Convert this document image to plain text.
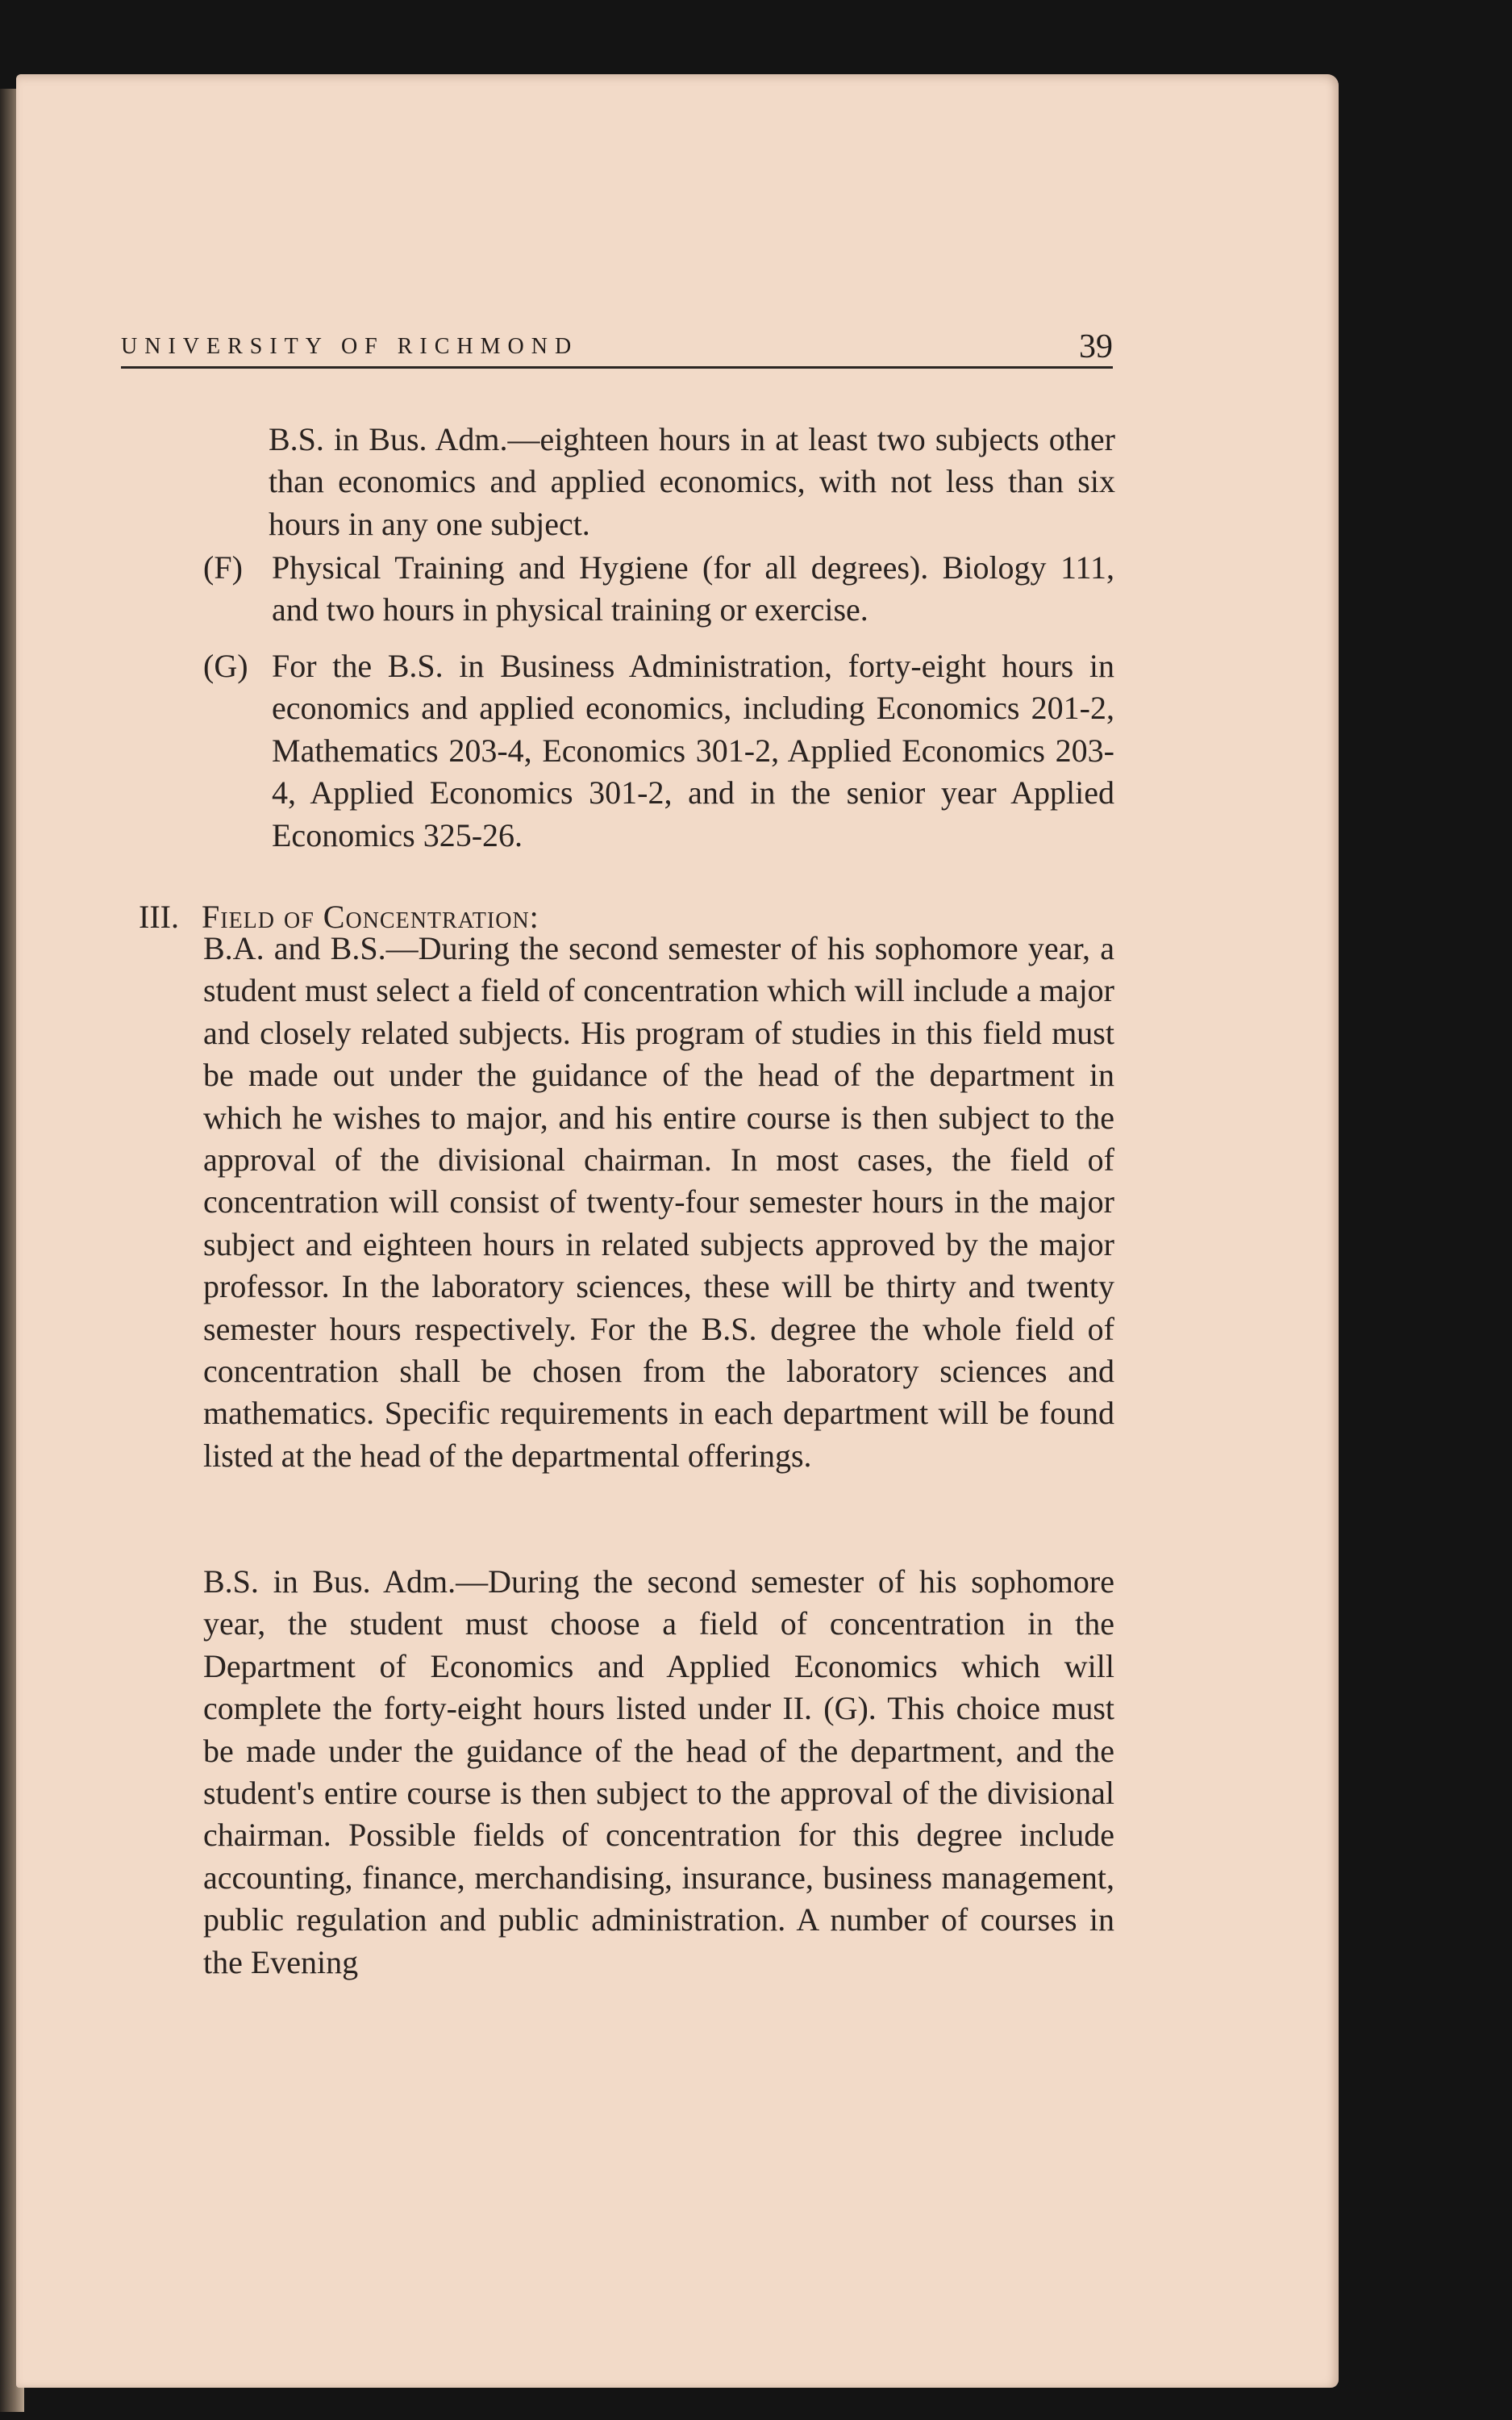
UNIVERSITY OF RICHMOND	39

B.S. in Bus. Adm.—eighteen hours in at least two subjects other than economics and applied economics, with not less than six hours in any one subject.

(F) Physical Training and Hygiene (for all degrees). Biology 111, and two hours in physical training or exercise.
(G) For the B.S. in Business Administration, forty-eight hours in economics and applied economics, including Economics 201-2, Mathematics 203-4, Economics 301-2, Applied Economics 203-4, Applied Economics 301-2, and in the senior year Applied Economics 325-26.
III. Field of Concentration:

B.A. and B.S.—During the second semester of his sophomore year, a student must select a field of concentration which will include a major and closely related subjects. His program of studies in this field must be made out under the guidance of the head of the department in which he wishes to major, and his entire course is then subject to the approval of the divisional chairman. In most cases, the field of concentration will consist of twenty-four semester hours in the major subject and eighteen hours in related subjects approved by the major professor. In the laboratory sciences, these will be thirty and twenty semester hours respectively. For the B.S. degree the whole field of concentration shall be chosen from the laboratory sciences and mathematics. Specific requirements in each department will be found listed at the head of the departmental offerings.

B.S. in Bus. Adm.—During the second semester of his sophomore year, the student must choose a field of concentration in the Department of Economics and Applied Economics which will complete the forty-eight hours listed under II. (G). This choice must be made under the guidance of the head of the department, and the student's entire course is then subject to the approval of the divisional chairman. Possible fields of concentration for this degree include accounting, finance, merchandising, insurance, business management, public regulation and public administration. A number of courses in the Evening
